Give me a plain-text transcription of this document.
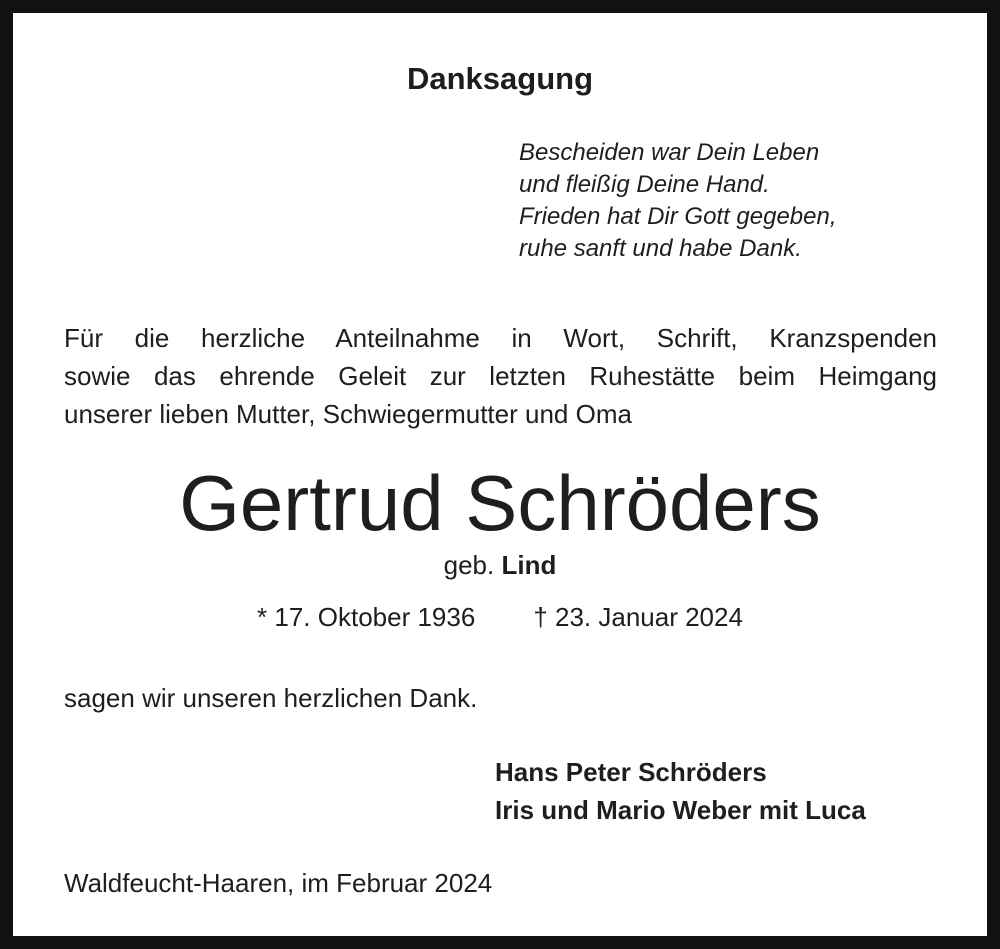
Danksagung
Bescheiden war Dein Leben
und fleißig Deine Hand.
Frieden hat Dir Gott gegeben,
ruhe sanft und habe Dank.
Für die herzliche Anteilnahme in Wort, Schrift, Kranzspenden
sowie das ehrende Geleit zur letzten Ruhestätte beim Heimgang
unserer lieben Mutter, Schwiegermutter und Oma
Gertrud Schröders
geb. Lind
* 17. Oktober 1936 † 23. Januar 2024
sagen wir unseren herzlichen Dank.
Hans Peter Schröders
Iris und Mario Weber mit Luca
Waldfeucht-Haaren, im Februar 2024
